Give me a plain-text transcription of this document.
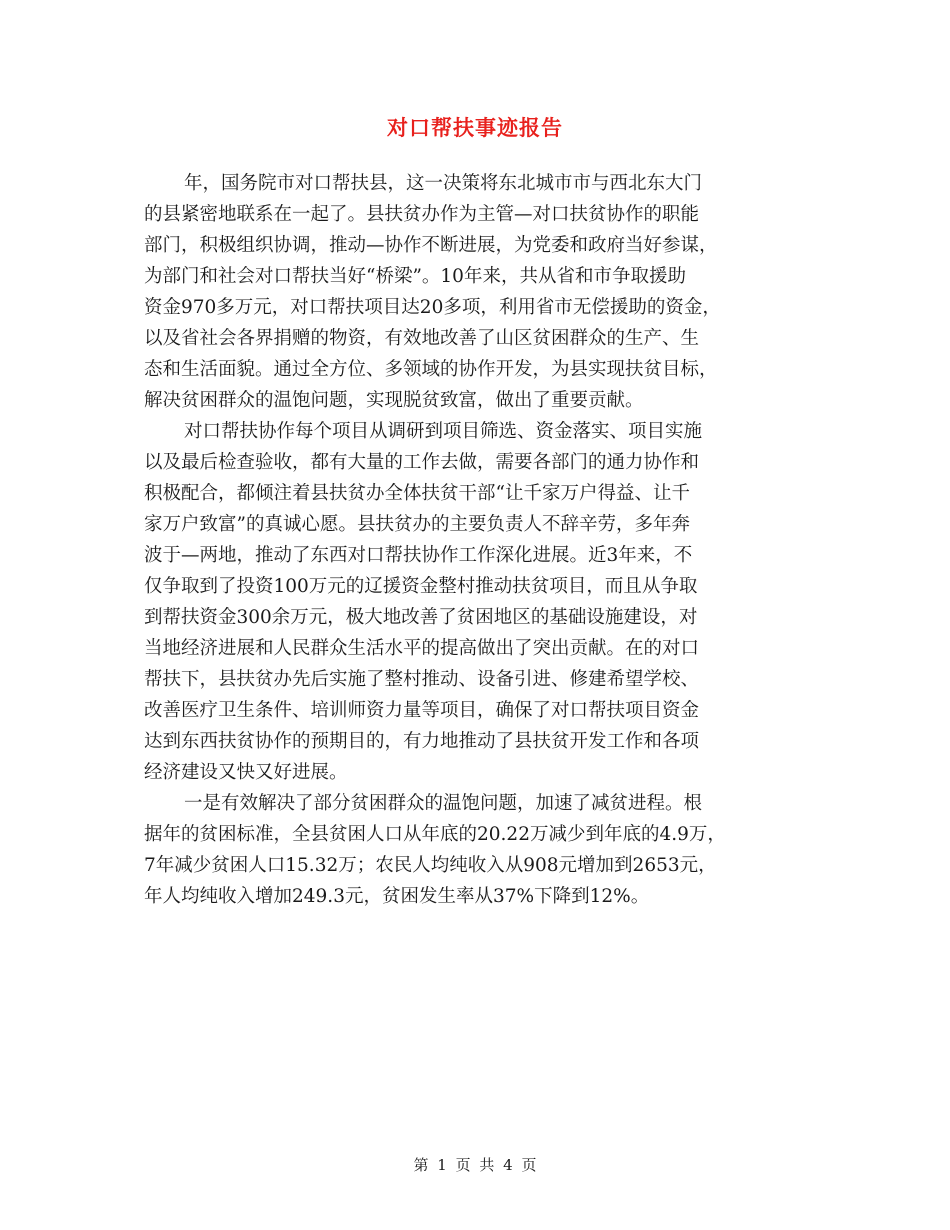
对口帮扶事迹报告
年，国务院市对口帮扶县，这一决策将东北城市市与西北东大门
的县紧密地联系在一起了。县扶贫办作为主管—对口扶贫协作的职能
部门，积极组织协调，推动—协作不断进展，为党委和政府当好参谋，
为部门和社会对口帮扶当好“桥梁”。10年来，共从省和市争取援助
资金970多万元，对口帮扶项目达20多项，利用省市无偿援助的资金，
以及省社会各界捐赠的物资，有效地改善了山区贫困群众的生产、生
态和生活面貌。通过全方位、多领域的协作开发，为县实现扶贫目标，
解决贫困群众的温饱问题，实现脱贫致富，做出了重要贡献。
对口帮扶协作每个项目从调研到项目筛选、资金落实、项目实施
以及最后检查验收，都有大量的工作去做，需要各部门的通力协作和
积极配合，都倾注着县扶贫办全体扶贫干部“让千家万户得益、让千
家万户致富”的真诚心愿。县扶贫办的主要负责人不辞辛劳，多年奔
波于—两地，推动了东西对口帮扶协作工作深化进展。近3年来，不
仅争取到了投资100万元的辽援资金整村推动扶贫项目，而且从争取
到帮扶资金300余万元，极大地改善了贫困地区的基础设施建设，对
当地经济进展和人民群众生活水平的提高做出了突出贡献。在的对口
帮扶下，县扶贫办先后实施了整村推动、设备引进、修建希望学校、
改善医疗卫生条件、培训师资力量等项目，确保了对口帮扶项目资金
达到东西扶贫协作的预期目的，有力地推动了县扶贫开发工作和各项
经济建设又快又好进展。
一是有效解决了部分贫困群众的温饱问题，加速了减贫进程。根
据年的贫困标准，全县贫困人口从年底的20.22万减少到年底的4.9万，
7年减少贫困人口15.32万；农民人均纯收入从908元增加到2653元，
年人均纯收入增加249.3元，贫困发生率从37%下降到12%。
第 1 页 共 4 页
